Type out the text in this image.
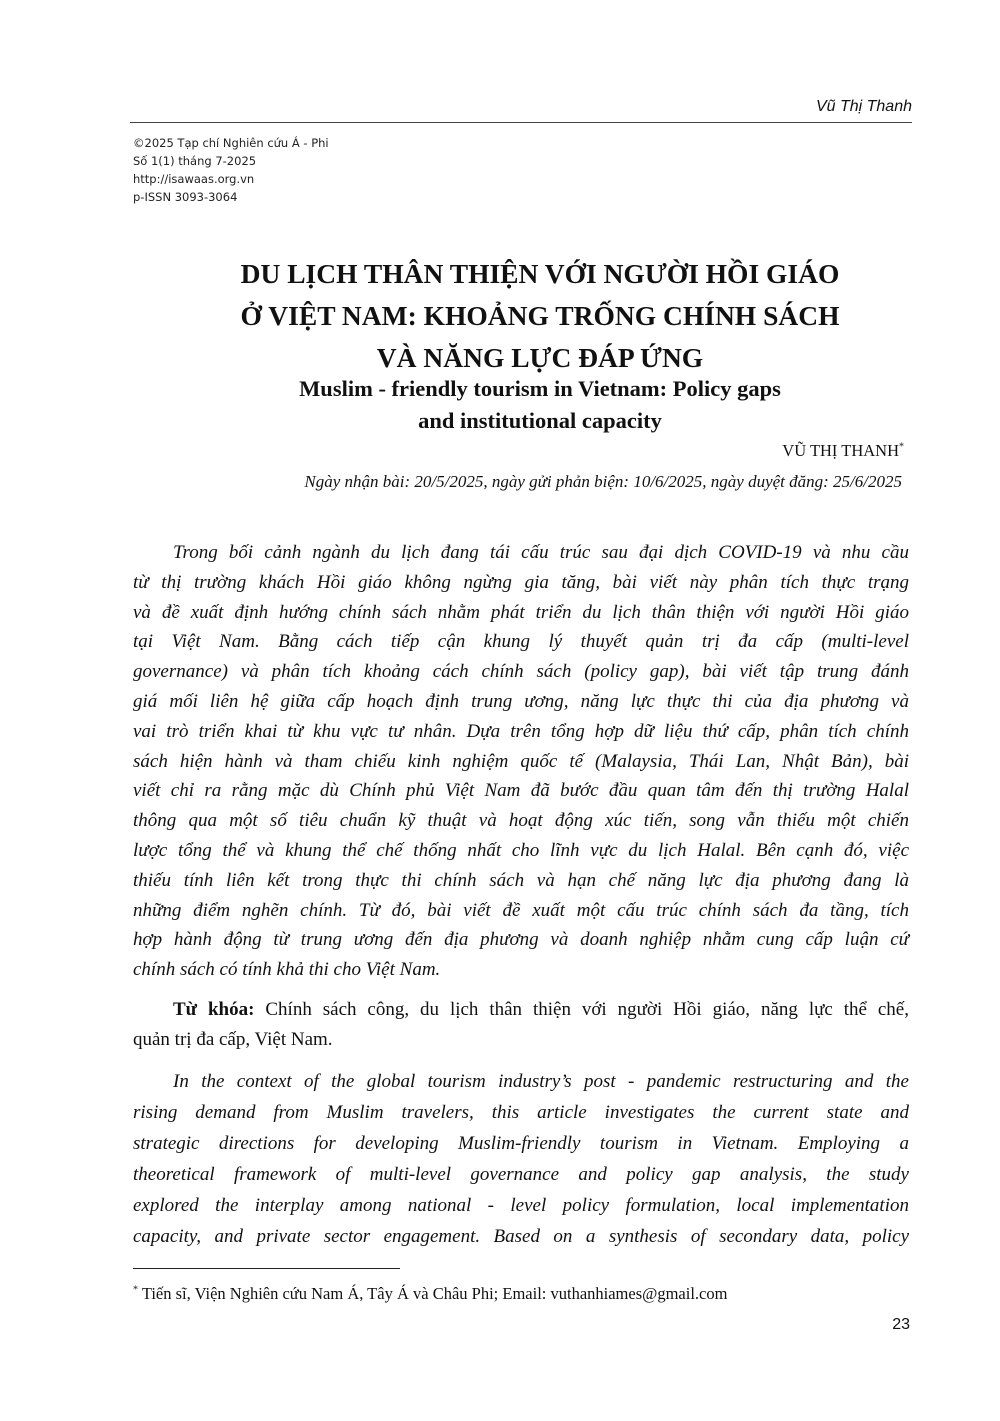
Vũ Thị Thanh
©2025 Tạp chí Nghiên cứu Á - Phi
Số 1(1) tháng 7-2025
http://isawaas.org.vn
p-ISSN 3093-3064
DU LỊCH THÂN THIỆN VỚI NGƯỜI HỒI GIÁO
Ở VIỆT NAM: KHOẢNG TRỐNG CHÍNH SÁCH
VÀ NĂNG LỰC ĐÁP ỨNG
Muslim - friendly tourism in Vietnam: Policy gaps
and institutional capacity
VŨ THỊ THANH*
Ngày nhận bài: 20/5/2025, ngày gửi phản biện: 10/6/2025, ngày duyệt đăng: 25/6/2025
Trong bối cảnh ngành du lịch đang tái cấu trúc sau đại dịch COVID-19 và nhu cầu
từ thị trường khách Hồi giáo không ngừng gia tăng, bài viết này phân tích thực trạng
và đề xuất định hướng chính sách nhằm phát triển du lịch thân thiện với người Hồi giáo
tại Việt Nam. Bằng cách tiếp cận khung lý thuyết quản trị đa cấp (multi-level
governance) và phân tích khoảng cách chính sách (policy gap), bài viết tập trung đánh
giá mối liên hệ giữa cấp hoạch định trung ương, năng lực thực thi của địa phương và
vai trò triển khai từ khu vực tư nhân. Dựa trên tổng hợp dữ liệu thứ cấp, phân tích chính
sách hiện hành và tham chiếu kinh nghiệm quốc tế (Malaysia, Thái Lan, Nhật Bản), bài
viết chỉ ra rằng mặc dù Chính phủ Việt Nam đã bước đầu quan tâm đến thị trường Halal
thông qua một số tiêu chuẩn kỹ thuật và hoạt động xúc tiến, song vẫn thiếu một chiến
lược tổng thể và khung thể chế thống nhất cho lĩnh vực du lịch Halal. Bên cạnh đó, việc
thiếu tính liên kết trong thực thi chính sách và hạn chế năng lực địa phương đang là
những điểm nghẽn chính. Từ đó, bài viết đề xuất một cấu trúc chính sách đa tầng, tích
hợp hành động từ trung ương đến địa phương và doanh nghiệp nhằm cung cấp luận cứ
chính sách có tính khả thi cho Việt Nam.
Từ khóa: Chính sách công, du lịch thân thiện với người Hồi giáo, năng lực thể chế,
quản trị đa cấp, Việt Nam.
In the context of the global tourism industry’s post - pandemic restructuring and the
rising demand from Muslim travelers, this article investigates the current state and
strategic directions for developing Muslim-friendly tourism in Vietnam. Employing a
theoretical framework of multi-level governance and policy gap analysis, the study
explored the interplay among national - level policy formulation, local implementation
capacity, and private sector engagement. Based on a synthesis of secondary data, policy
* Tiến sĩ, Viện Nghiên cứu Nam Á, Tây Á và Châu Phi; Email: vuthanhiames@gmail.com
23
